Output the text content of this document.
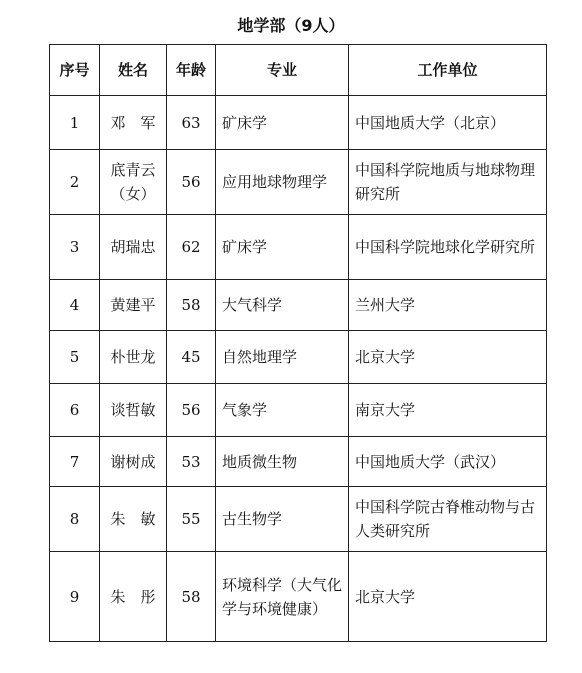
地学部（9人）
序号	姓名	年龄	专业	工作单位
1	邓　军	63	矿床学	中国地质大学（北京）
2	底青云（女）	56	应用地球物理学	中国科学院地质与地球物理研究所
3	胡瑞忠	62	矿床学	中国科学院地球化学研究所
4	黄建平	58	大气科学	兰州大学
5	朴世龙	45	自然地理学	北京大学
6	谈哲敏	56	气象学	南京大学
7	谢树成	53	地质微生物	中国地质大学（武汉）
8	朱　敏	55	古生物学	中国科学院古脊椎动物与古人类研究所
9	朱　彤	58	环境科学（大气化学与环境健康）	北京大学
